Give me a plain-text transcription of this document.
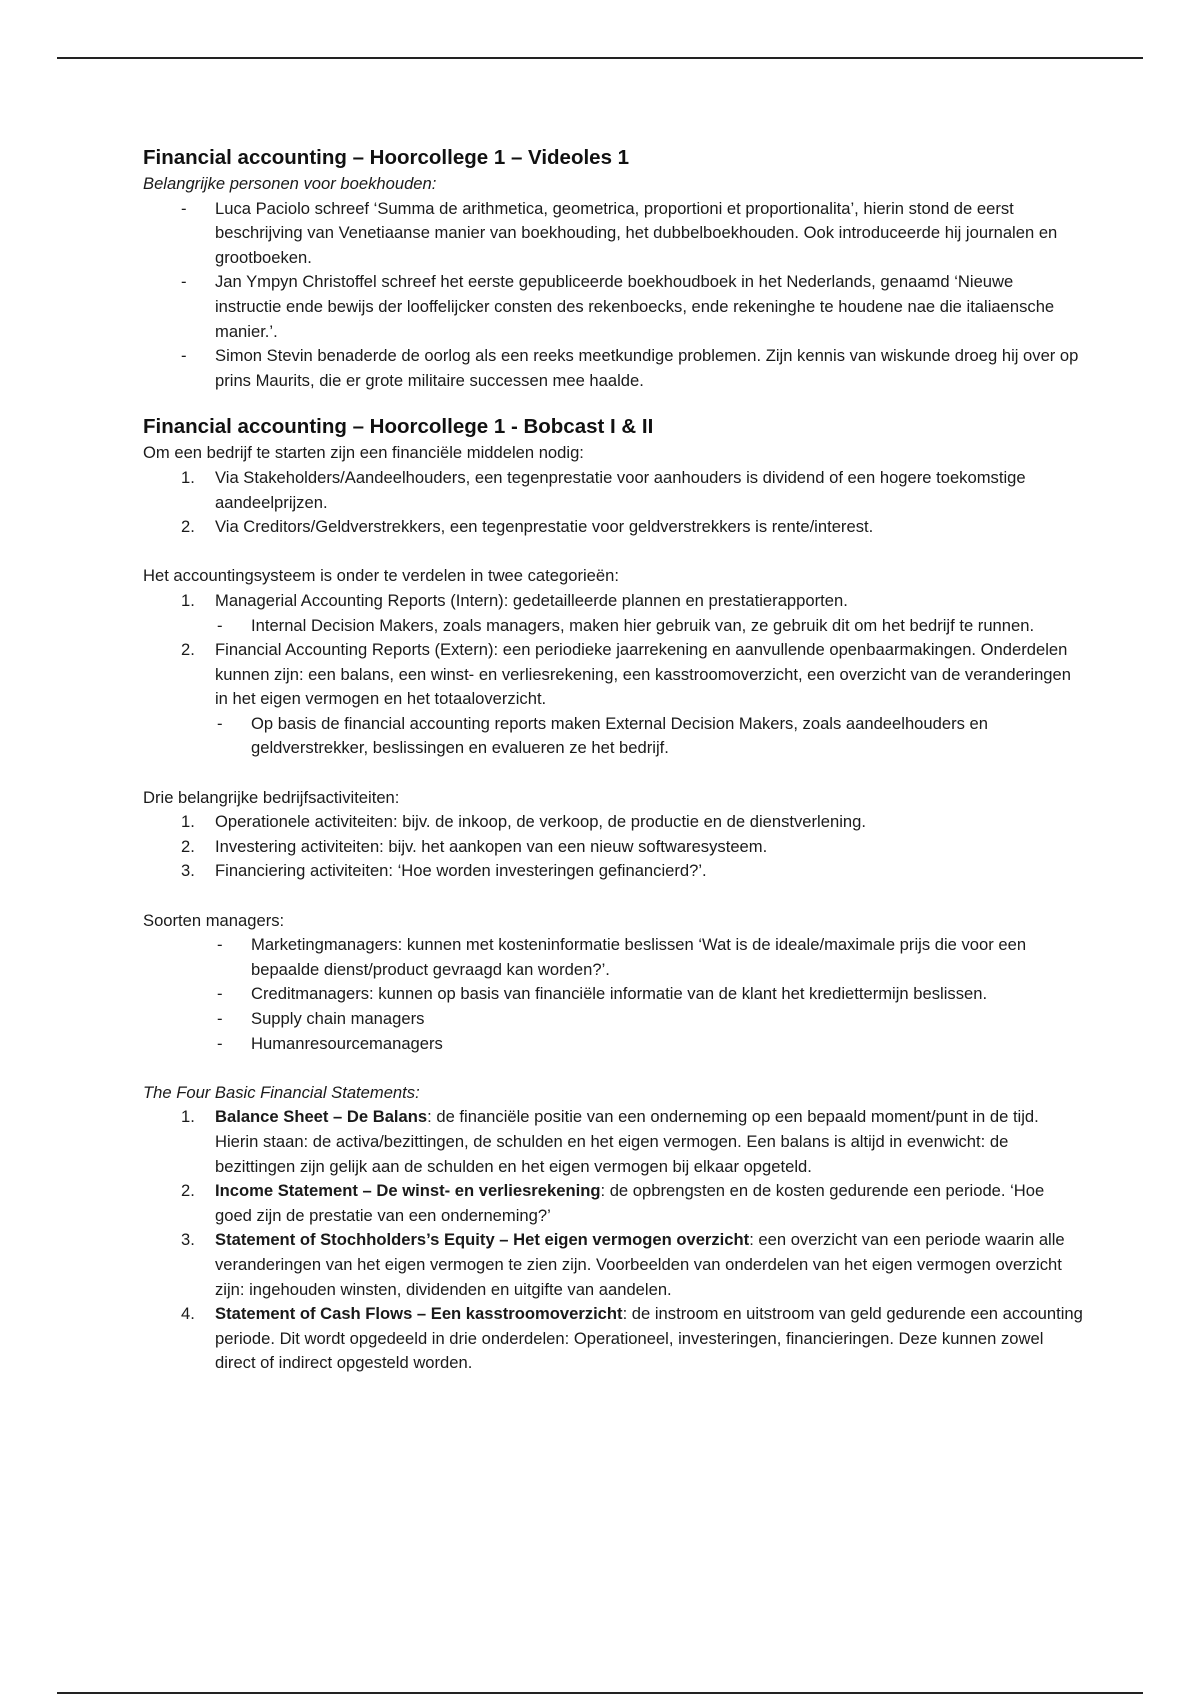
Financial accounting – Hoorcollege 1 – Videoles 1

Belangrijke personen voor boekhouden:

- Luca Paciolo schreef ‘Summa de arithmetica, geometrica, proportioni et proportionalita’, hierin stond de eerst beschrijving van Venetiaanse manier van boekhouding, het dubbelboekhouden. Ook introduceerde hij journalen en grootboeken.
- Jan Ympyn Christoffel schreef het eerste gepubliceerde boekhoudboek in het Nederlands, genaamd ‘Nieuwe instructie ende bewijs der looffelijcker consten des rekenboecks, ende rekeninghe te houdene nae die italiaensche manier.’.
- Simon Stevin benaderde de oorlog als een reeks meetkundige problemen. Zijn kennis van wiskunde droeg hij over op prins Maurits, die er grote militaire successen mee haalde.
Financial accounting – Hoorcollege 1 - Bobcast I & II

Om een bedrijf te starten zijn een financiële middelen nodig:

1. Via Stakeholders/Aandeelhouders, een tegenprestatie voor aanhouders is dividend of een hogere toekomstige aandeelprijzen.
2. Via Creditors/Geldverstrekkers, een tegenprestatie voor geldverstrekkers is rente/interest.

Het accountingsysteem is onder te verdelen in twee categorieën:

1. Managerial Accounting Reports (Intern): gedetailleerde plannen en prestatierapporten.
- Internal Decision Makers, zoals managers, maken hier gebruik van, ze gebruik dit om het bedrijf te runnen.
2. Financial Accounting Reports (Extern): een periodieke jaarrekening en aanvullende openbaarmakingen. Onderdelen kunnen zijn: een balans, een winst- en verliesrekening, een kasstroomoverzicht, een overzicht van de veranderingen in het eigen vermogen en het totaaloverzicht.
- Op basis de financial accounting reports maken External Decision Makers, zoals aandeelhouders en geldverstrekker, beslissingen en evalueren ze het bedrijf.

Drie belangrijke bedrijfsactiviteiten:

1. Operationele activiteiten: bijv. de inkoop, de verkoop, de productie en de dienstverlening.
2. Investering activiteiten: bijv. het aankopen van een nieuw softwaresysteem.
3. Financiering activiteiten: ‘Hoe worden investeringen gefinancierd?’.

Soorten managers:

- Marketingmanagers: kunnen met kosteninformatie beslissen ‘Wat is de ideale/maximale prijs die voor een bepaalde dienst/product gevraagd kan worden?’.
- Creditmanagers: kunnen op basis van financiële informatie van de klant het krediettermijn beslissen.
- Supply chain managers
- Humanresourcemanagers

The Four Basic Financial Statements:

1. Balance Sheet – De Balans: de financiële positie van een onderneming op een bepaald moment/punt in de tijd. Hierin staan: de activa/bezittingen, de schulden en het eigen vermogen. Een balans is altijd in evenwicht: de bezittingen zijn gelijk aan de schulden en het eigen vermogen bij elkaar opgeteld.
2. Income Statement – De winst- en verliesrekening: de opbrengsten en de kosten gedurende een periode. ‘Hoe goed zijn de prestatie van een onderneming?’
3. Statement of Stochholders’s Equity – Het eigen vermogen overzicht: een overzicht van een periode waarin alle veranderingen van het eigen vermogen te zien zijn. Voorbeelden van onderdelen van het eigen vermogen overzicht zijn: ingehouden winsten, dividenden en uitgifte van aandelen.
4. Statement of Cash Flows – Een kasstroomoverzicht: de instroom en uitstroom van geld gedurende een accounting periode. Dit wordt opgedeeld in drie onderdelen: Operationeel, investeringen, financieringen. Deze kunnen zowel direct of indirect opgesteld worden.
